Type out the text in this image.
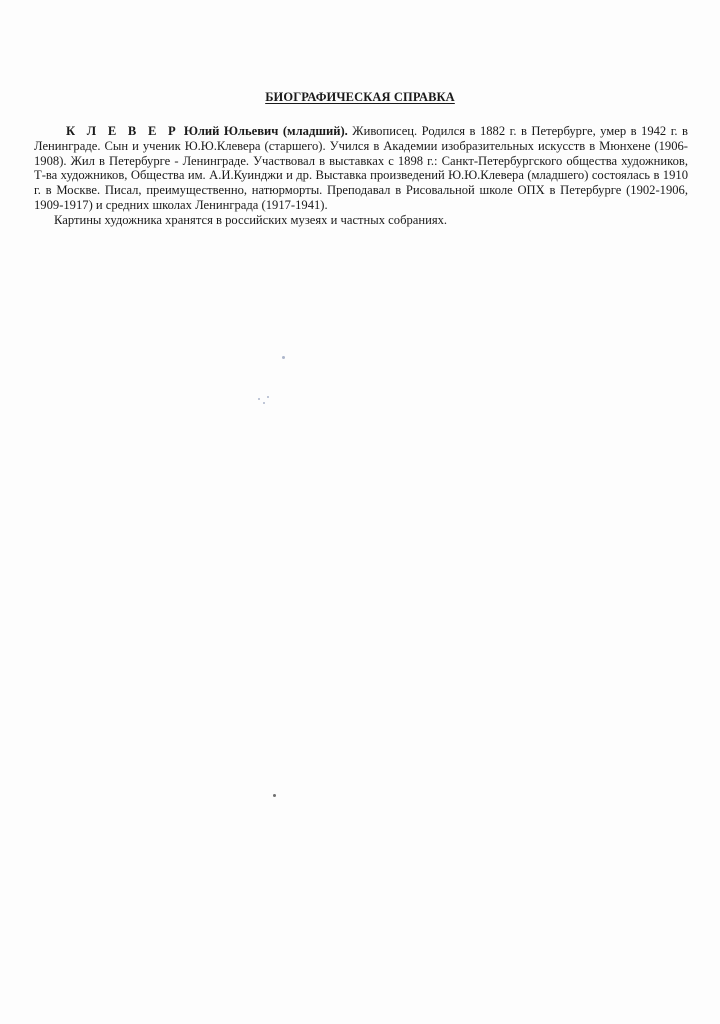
БИОГРАФИЧЕСКАЯ СПРАВКА

К Л Е В Е Р Юлий Юльевич (младший). Живописец. Родился в 1882 г. в Петербурге, умер в 1942 г. в Ленинграде. Сын и ученик Ю.Ю.Клевера (старшего). Учился в Академии изобразительных искусств в Мюнхене (1906-1908). Жил в Петербурге - Ленинграде. Участвовал в выставках с 1898 г.: Санкт-Петербургского общества художников, Т-ва художников, Общества им. А.И.Куинджи и др. Выставка произведений Ю.Ю.Клевера (младшего) состоялась в 1910 г. в Москве. Писал, преимущественно, натюрморты. Преподавал в Рисовальной школе ОПХ в Петербурге (1902-1906, 1909-1917) и средних школах Ленинграда (1917-1941).

Картины художника хранятся в российских музеях и частных собраниях.
